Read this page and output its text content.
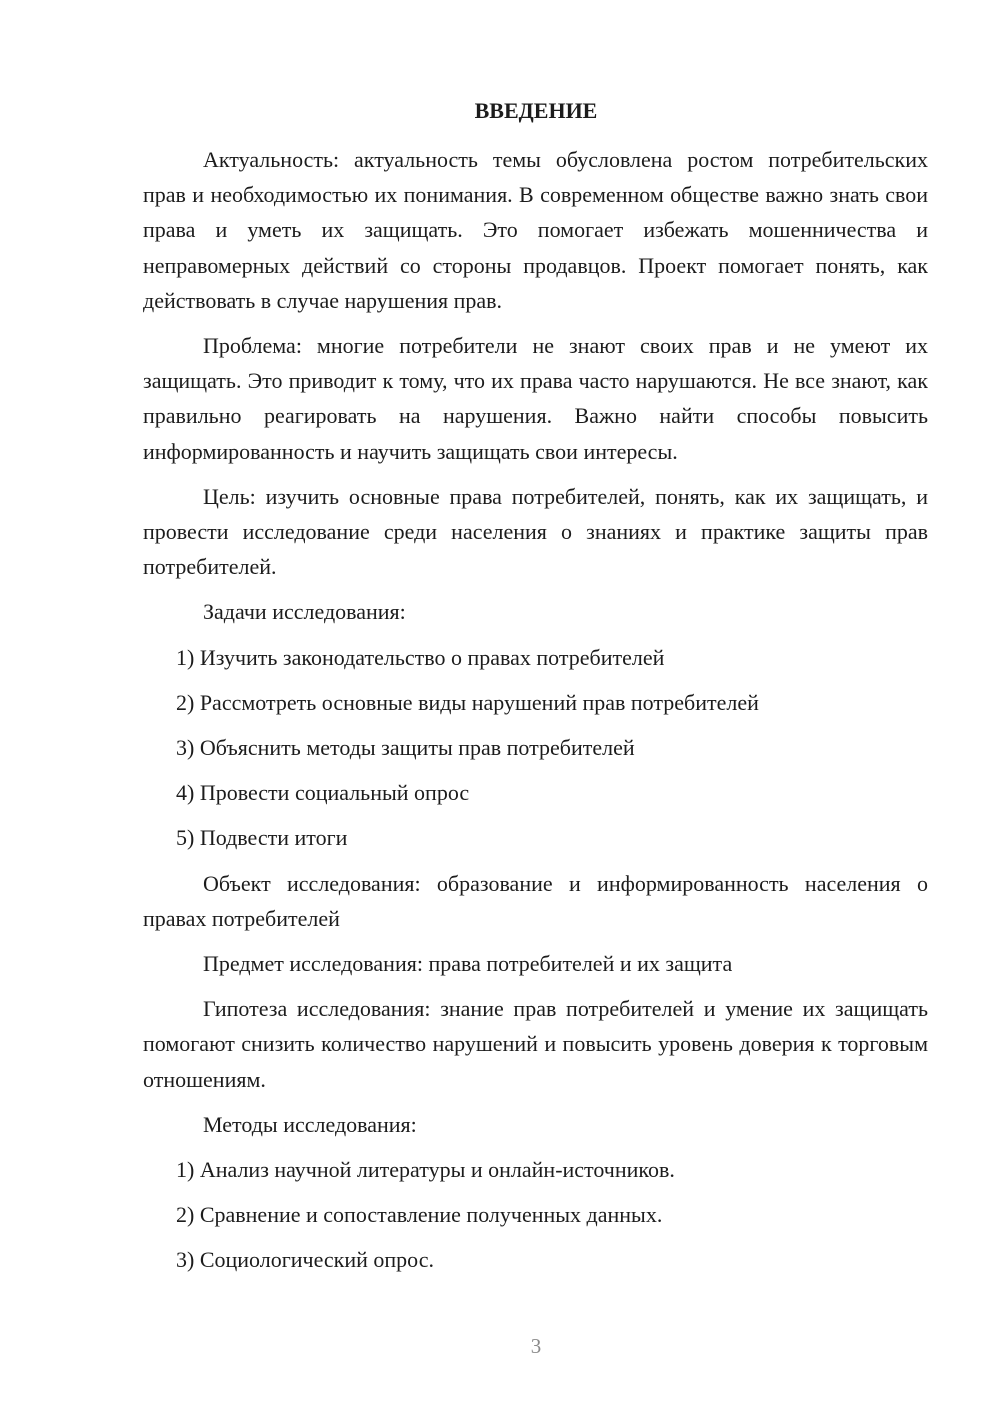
ВВЕДЕНИЕ

Актуальность: актуальность темы обусловлена ростом потребительских прав и необходимостью их понимания. В современном обществе важно знать свои права и уметь их защищать. Это помогает избежать мошенничества и неправомерных действий со стороны продавцов. Проект помогает понять, как действовать в случае нарушения прав.

Проблема: многие потребители не знают своих прав и не умеют их защищать. Это приводит к тому, что их права часто нарушаются. Не все знают, как правильно реагировать на нарушения. Важно найти способы повысить информированность и научить защищать свои интересы.

Цель: изучить основные права потребителей, понять, как их защищать, и провести исследование среди населения о знаниях и практике защиты прав потребителей.

Задачи исследования:

1) Изучить законодательство о правах потребителей
2) Рассмотреть основные виды нарушений прав потребителей
3) Объяснить методы защиты прав потребителей
4) Провести социальный опрос
5) Подвести итоги

Объект исследования: образование и информированность населения о правах потребителей

Предмет исследования: права потребителей и их защита

Гипотеза исследования: знание прав потребителей и умение их защищать помогают снизить количество нарушений и повысить уровень доверия к торговым отношениям.

Методы исследования:

1) Анализ научной литературы и онлайн-источников.
2) Сравнение и сопоставление полученных данных.
3) Социологический опрос.
3
